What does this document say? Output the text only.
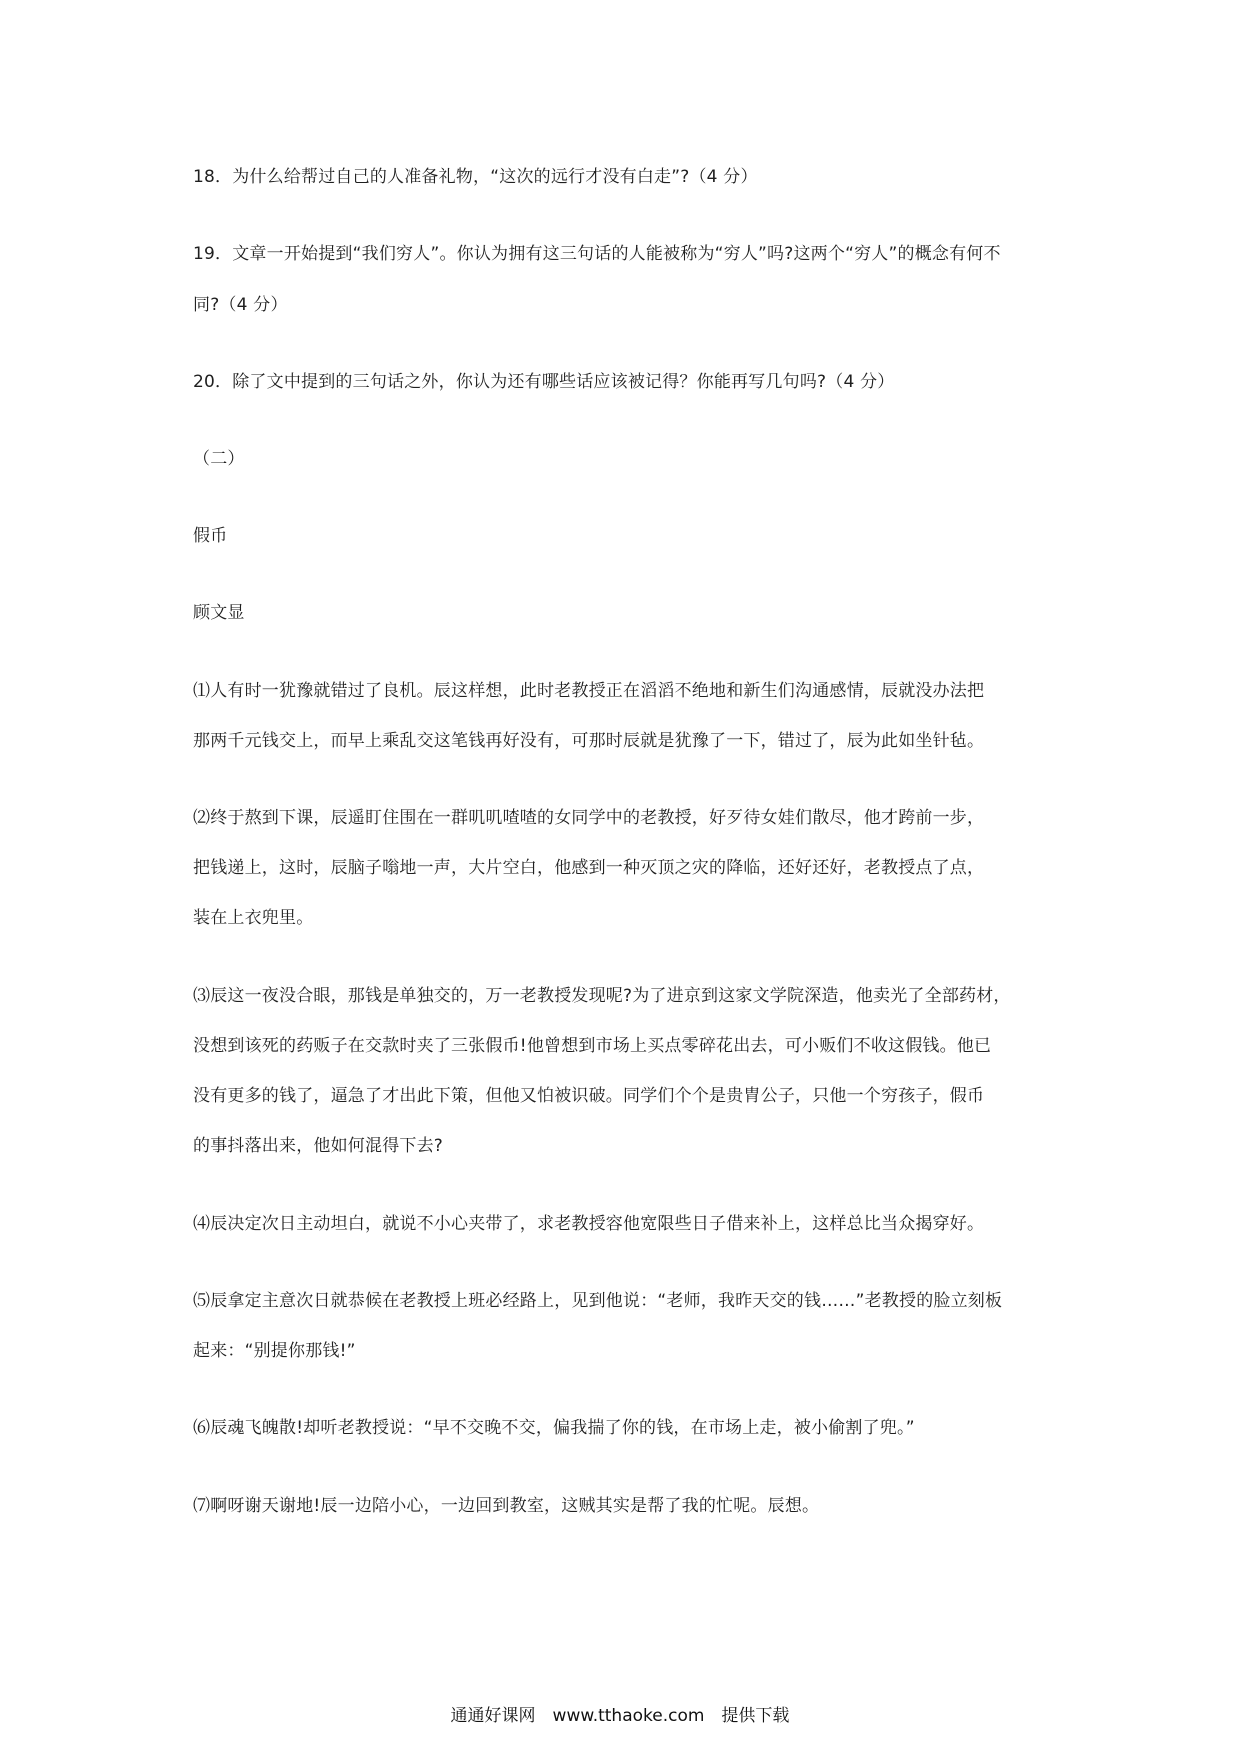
18．为什么给帮过自己的人准备礼物，“这次的远行才没有白走”?（4 分）
19．文章一开始提到“我们穷人”。你认为拥有这三句话的人能被称为“穷人”吗?这两个“穷人”的概念有何不
同?（4 分）
20．除了文中提到的三句话之外，你认为还有哪些话应该被记得？你能再写几句吗?（4 分）
（二）
假币
顾文显
⑴人有时一犹豫就错过了良机。辰这样想，此时老教授正在滔滔不绝地和新生们沟通感情，辰就没办法把
那两千元钱交上，而早上乘乱交这笔钱再好没有，可那时辰就是犹豫了一下，错过了，辰为此如坐针毡。
⑵终于熬到下课，辰遥盯住围在一群叽叽喳喳的女同学中的老教授，好歹待女娃们散尽，他才跨前一步，
把钱递上，这时，辰脑子嗡地一声，大片空白，他感到一种灭顶之灾的降临，还好还好，老教授点了点，
装在上衣兜里。
⑶辰这一夜没合眼，那钱是单独交的，万一老教授发现呢?为了进京到这家文学院深造，他卖光了全部药材，
没想到该死的药贩子在交款时夹了三张假币!他曾想到市场上买点零碎花出去，可小贩们不收这假钱。他已
没有更多的钱了，逼急了才出此下策，但他又怕被识破。同学们个个是贵胄公子，只他一个穷孩子，假币
的事抖落出来，他如何混得下去?
⑷辰决定次日主动坦白，就说不小心夹带了，求老教授容他宽限些日子借来补上，这样总比当众揭穿好。
⑸辰拿定主意次日就恭候在老教授上班必经路上，见到他说：“老师，我昨天交的钱……”老教授的脸立刻板
起来：“别提你那钱!”
⑹辰魂飞魄散!却听老教授说：“早不交晚不交，偏我揣了你的钱，在市场上走，被小偷割了兜。”
⑺啊呀谢天谢地!辰一边陪小心，一边回到教室，这贼其实是帮了我的忙呢。辰想。
通通好课网　www.tthaoke.com　提供下载
